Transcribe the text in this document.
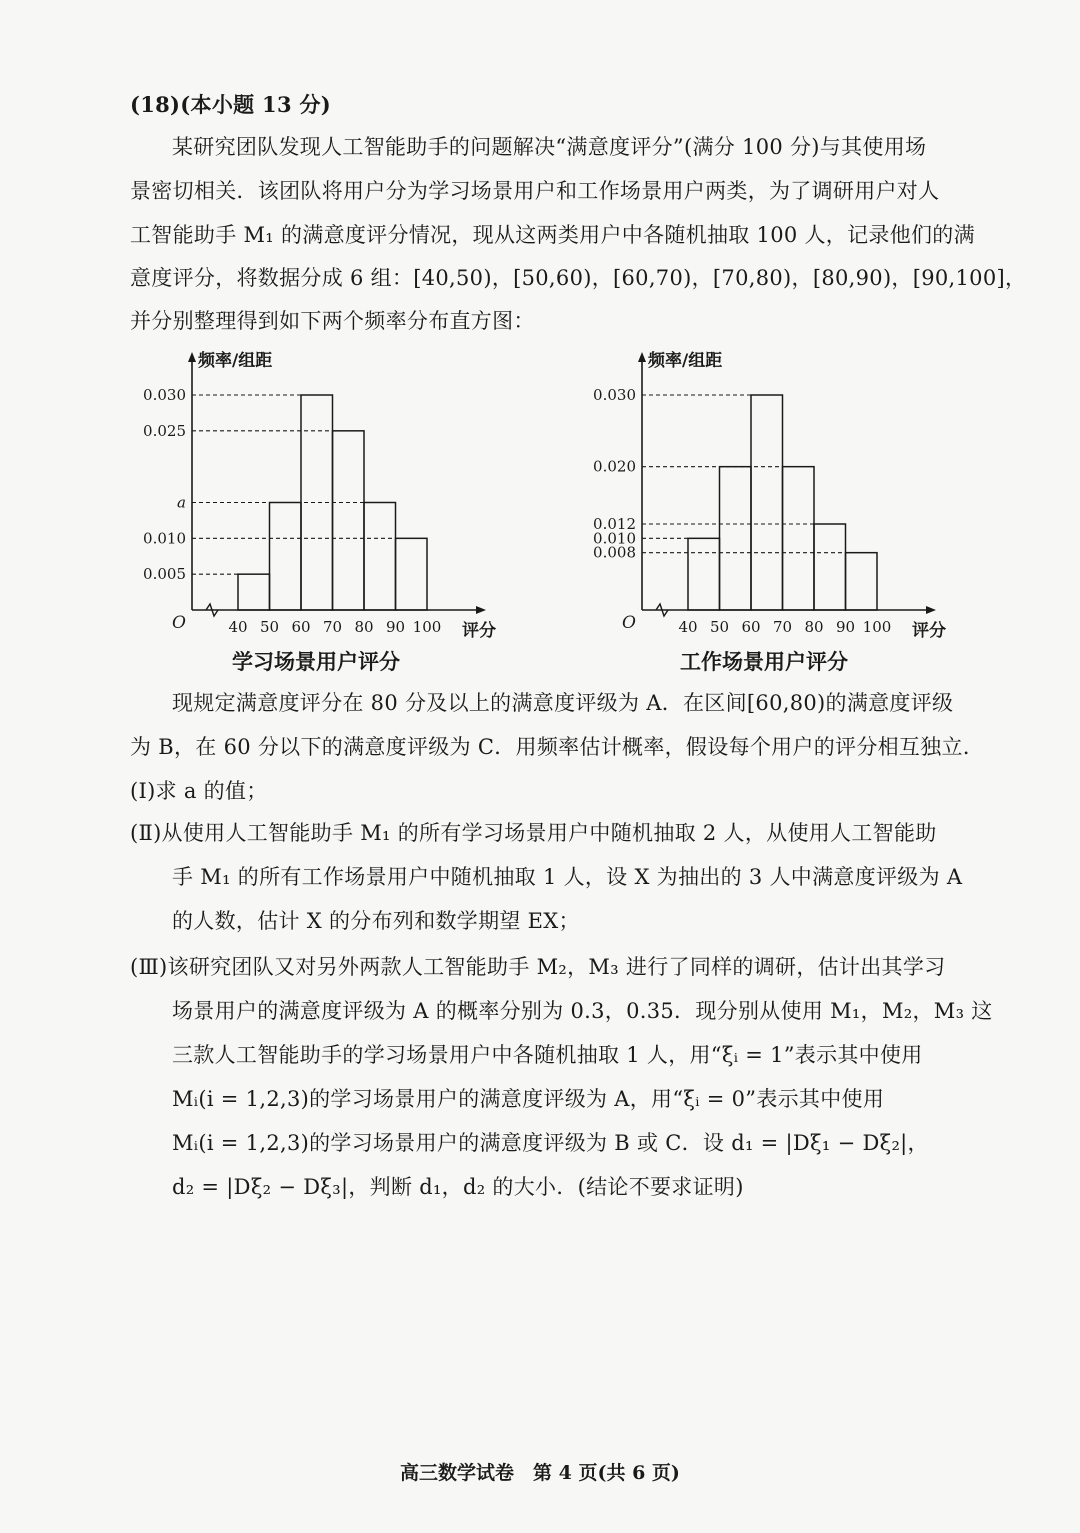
(18)(本小题 13 分)
某研究团队发现人工智能助手的问题解决“满意度评分”(满分 100 分)与其使用场
景密切相关．该团队将用户分为学习场景用户和工作场景用户两类，为了调研用户对人
工智能助手 M₁ 的满意度评分情况，现从这两类用户中各随机抽取 100 人，记录他们的满
意度评分，将数据分成 6 组：[40,50)，[50,60)，[60,70)，[70,80)，[80,90)，[90,100]，
并分别整理得到如下两个频率分布直方图：
频率/组距
评分
O
0.030
0.025
a
0.010
0.005
40 50 60 70 80 90 100
学习场景用户评分
频率/组距
评分
O
0.030
0.020
0.012
0.010
0.008
40 50 60 70 80 90 100
工作场景用户评分
现规定满意度评分在 80 分及以上的满意度评级为 A．在区间[60,80)的满意度评级
为 B，在 60 分以下的满意度评级为 C．用频率估计概率，假设每个用户的评分相互独立．
(Ⅰ)求 a 的值；
(Ⅱ)从使用人工智能助手 M₁ 的所有学习场景用户中随机抽取 2 人，从使用人工智能助
手 M₁ 的所有工作场景用户中随机抽取 1 人，设 X 为抽出的 3 人中满意度评级为 A
的人数，估计 X 的分布列和数学期望 EX；
(Ⅲ)该研究团队又对另外两款人工智能助手 M₂，M₃ 进行了同样的调研，估计出其学习
场景用户的满意度评级为 A 的概率分别为 0.3，0.35．现分别从使用 M₁，M₂，M₃ 这
三款人工智能助手的学习场景用户中各随机抽取 1 人，用“ξᵢ = 1”表示其中使用
Mᵢ(i = 1,2,3)的学习场景用户的满意度评级为 A，用“ξᵢ = 0”表示其中使用
Mᵢ(i = 1,2,3)的学习场景用户的满意度评级为 B 或 C．设 d₁ = |Dξ₁ − Dξ₂|，
d₂ = |Dξ₂ − Dξ₃|，判断 d₁，d₂ 的大小．(结论不要求证明)
高三数学试卷　第 4 页(共 6 页)
